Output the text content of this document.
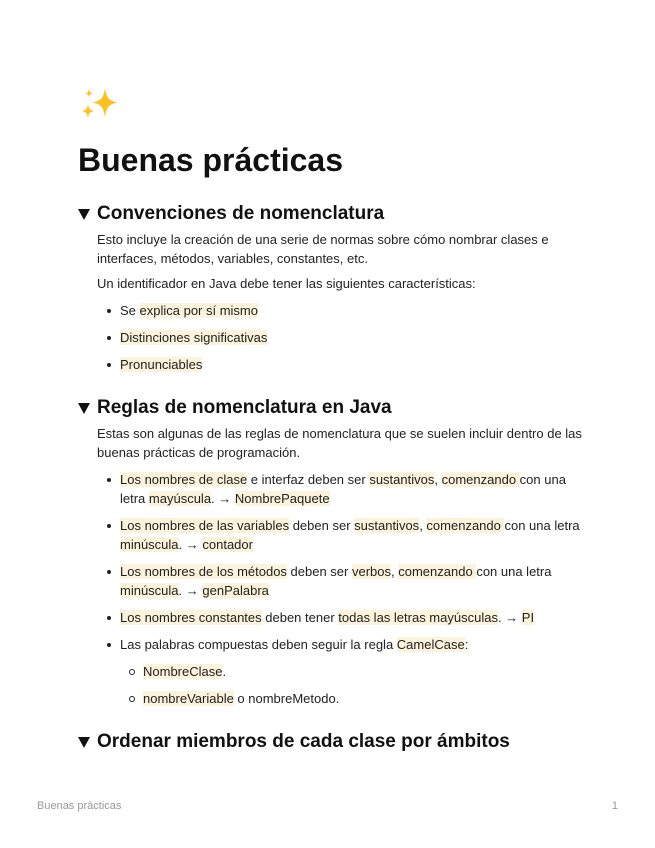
Buenas prácticas
Convenciones de nomenclatura

Esto incluye la creación de una serie de normas sobre cómo nombrar clases e interfaces, métodos, variables, constantes, etc.

Un identificador en Java debe tener las siguientes características:

Se explica por sí mismo
Distinciones significativas
Pronunciables
Reglas de nomenclatura en Java

Estas son algunas de las reglas de nomenclatura que se suelen incluir dentro de las buenas prácticas de programación.

Los nombres de clase e interfaz deben ser sustantivos, comenzando con una letra mayúscula. → NombrePaquete
Los nombres de las variables deben ser sustantivos, comenzando con una letra minúscula. → contador
Los nombres de los métodos deben ser verbos, comenzando con una letra minúscula. → genPalabra
Los nombres constantes deben tener todas las letras mayúsculas. → PI
Las palabras compuestas deben seguir la regla CamelCase:
NombreClase.
nombreVariable o nombreMetodo.
Ordenar miembros de cada clase por ámbitos
Buenas prácticas	1
